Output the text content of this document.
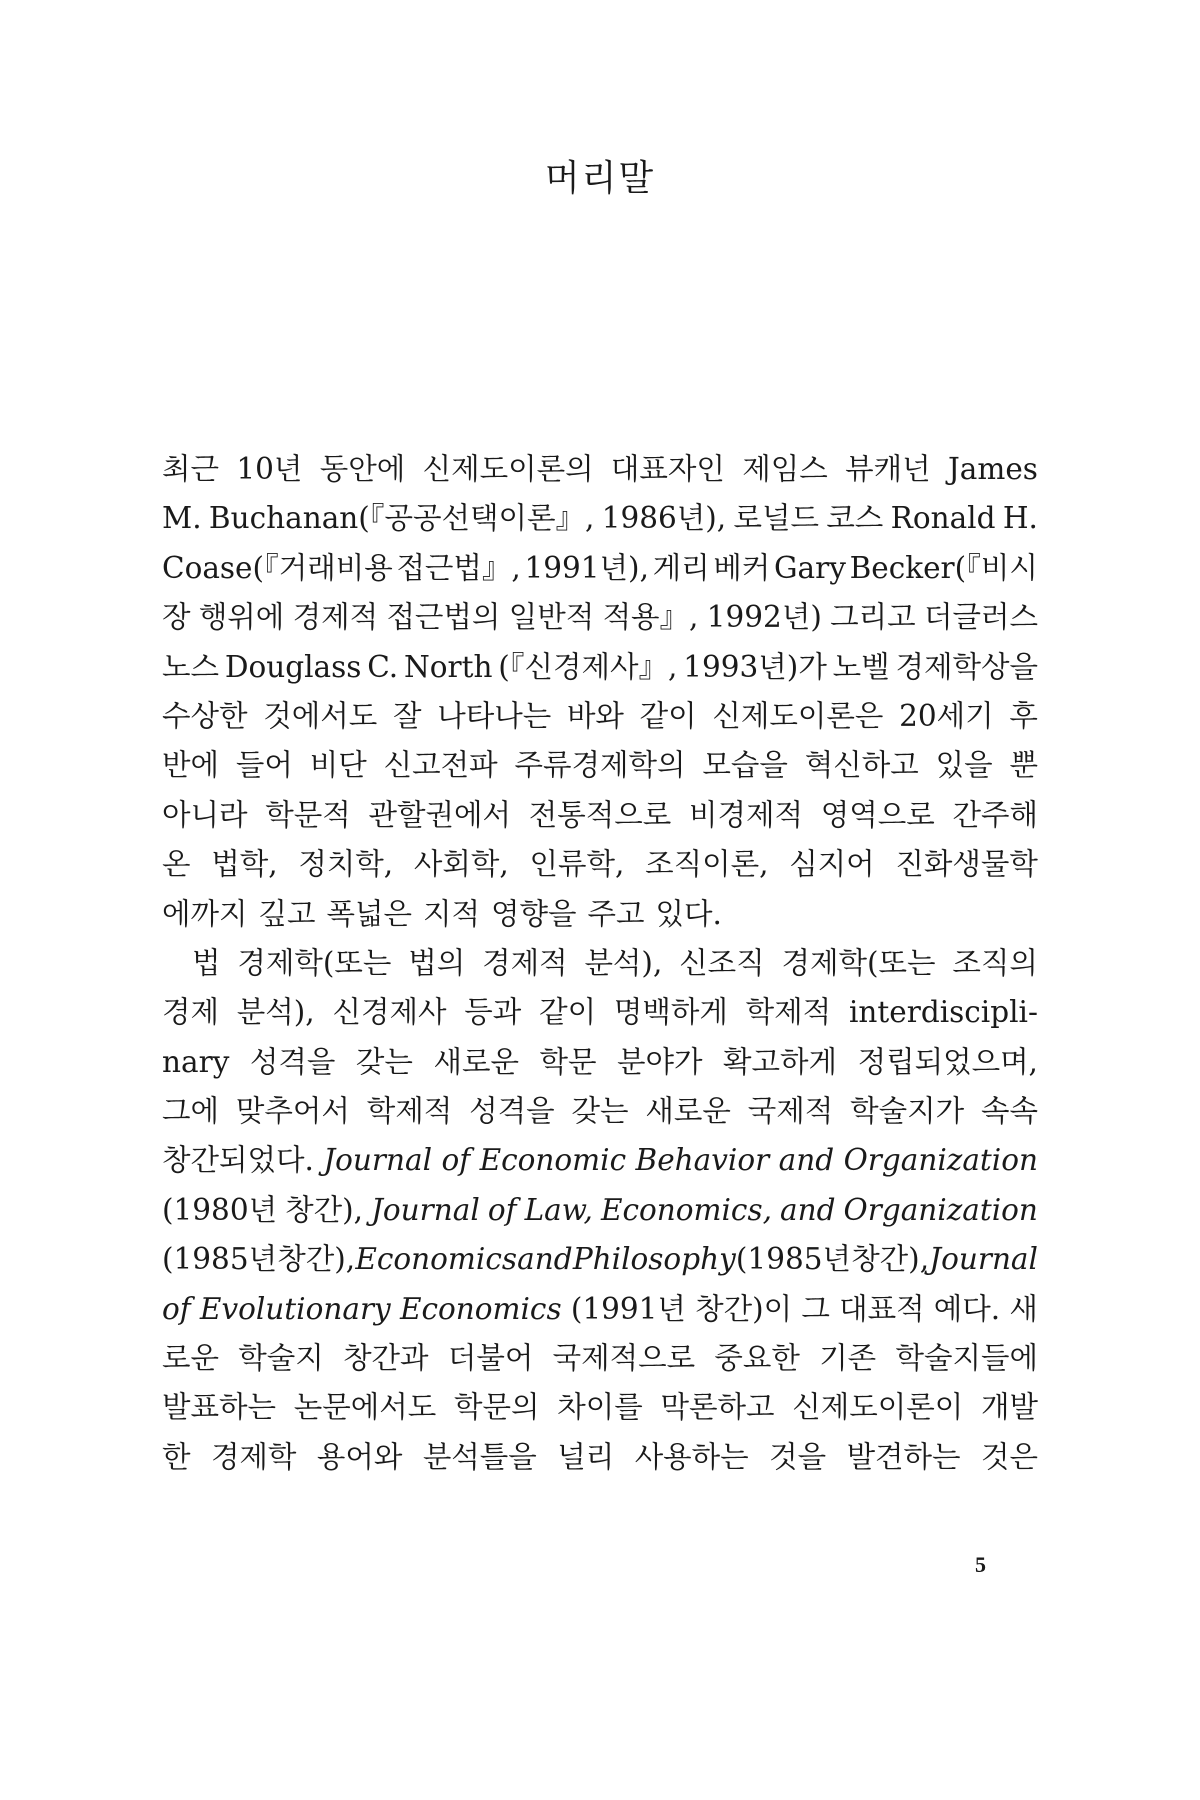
머리말
최근 10년 동안에 신제도이론의 대표자인 제임스 뷰캐넌 James
M. Buchanan(『공공선택이론』, 1986년), 로널드 코스 Ronald H.
Coase(『거래비용 접근법』, 1991년), 게리 베커 Gary Becker(『비시
장 행위에 경제적 접근법의 일반적 적용』, 1992년) 그리고 더글러스
노스 Douglass C. North (『신경제사』, 1993년)가 노벨 경제학상을
수상한 것에서도 잘 나타나는 바와 같이 신제도이론은 20세기 후
반에 들어 비단 신고전파 주류경제학의 모습을 혁신하고 있을 뿐
아니라 학문적 관할권에서 전통적으로 비경제적 영역으로 간주해
온 법학, 정치학, 사회학, 인류학, 조직이론, 심지어 진화생물학
에까지 깊고 폭넓은 지적 영향을 주고 있다.
법 경제학(또는 법의 경제적 분석), 신조직 경제학(또는 조직의
경제 분석), 신경제사 등과 같이 명백하게 학제적 interdiscipli-
nary 성격을 갖는 새로운 학문 분야가 확고하게 정립되었으며,
그에 맞추어서 학제적 성격을 갖는 새로운 국제적 학술지가 속속
창간되었다. Journal of Economic Behavior and Organization
(1980년 창간), Journal of Law, Economics, and Organization
(1985년 창간), Economics and Philosophy (1985년 창간), Journal
of Evolutionary Economics (1991년 창간)이 그 대표적 예다. 새
로운 학술지 창간과 더불어 국제적으로 중요한 기존 학술지들에
발표하는 논문에서도 학문의 차이를 막론하고 신제도이론이 개발
한 경제학 용어와 분석틀을 널리 사용하는 것을 발견하는 것은
5
